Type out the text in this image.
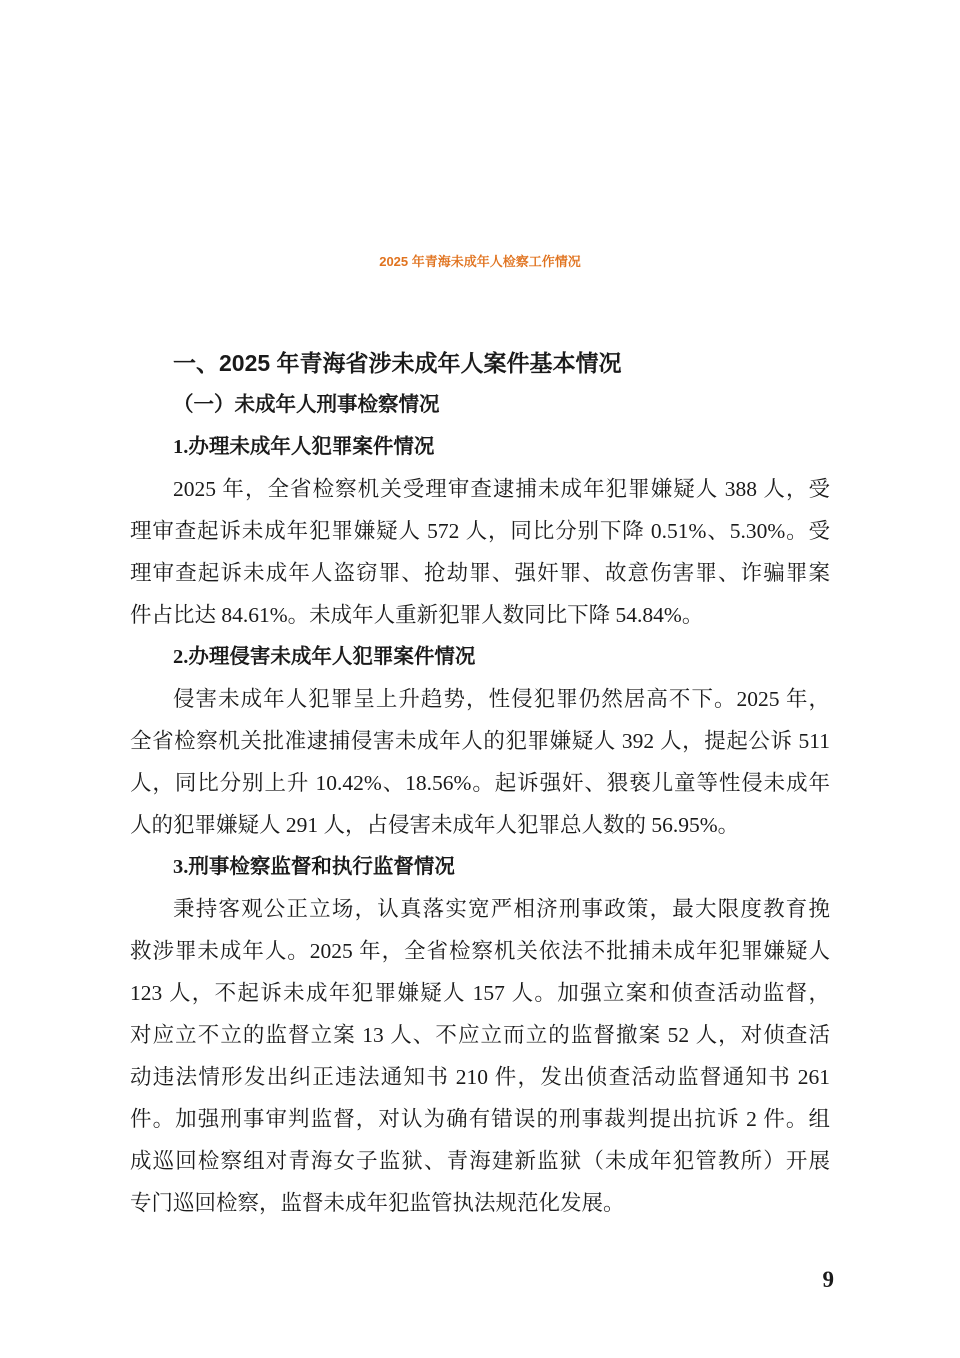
2025 年青海未成年人检察工作情况
一、2025 年青海省涉未成年人案件基本情况
（一）未成年人刑事检察情况
1.办理未成年人犯罪案件情况
2025 年，全省检察机关受理审查逮捕未成年犯罪嫌疑人 388 人，受
理审查起诉未成年犯罪嫌疑人 572 人，同比分别下降 0.51%、5.30%。受
理审查起诉未成年人盗窃罪、抢劫罪、强奸罪、故意伤害罪、诈骗罪案
件占比达 84.61%。未成年人重新犯罪人数同比下降 54.84%。
2.办理侵害未成年人犯罪案件情况
侵害未成年人犯罪呈上升趋势，性侵犯罪仍然居高不下。2025 年，
全省检察机关批准逮捕侵害未成年人的犯罪嫌疑人 392 人，提起公诉 511
人，同比分别上升 10.42%、18.56%。起诉强奸、猥亵儿童等性侵未成年
人的犯罪嫌疑人 291 人，占侵害未成年人犯罪总人数的 56.95%。
3.刑事检察监督和执行监督情况
秉持客观公正立场，认真落实宽严相济刑事政策，最大限度教育挽
救涉罪未成年人。2025 年，全省检察机关依法不批捕未成年犯罪嫌疑人
123 人，不起诉未成年犯罪嫌疑人 157 人。加强立案和侦查活动监督，
对应立不立的监督立案 13 人、不应立而立的监督撤案 52 人，对侦查活
动违法情形发出纠正违法通知书 210 件，发出侦查活动监督通知书 261
件。加强刑事审判监督，对认为确有错误的刑事裁判提出抗诉 2 件。组
成巡回检察组对青海女子监狱、青海建新监狱（未成年犯管教所）开展
专门巡回检察，监督未成年犯监管执法规范化发展。
9
